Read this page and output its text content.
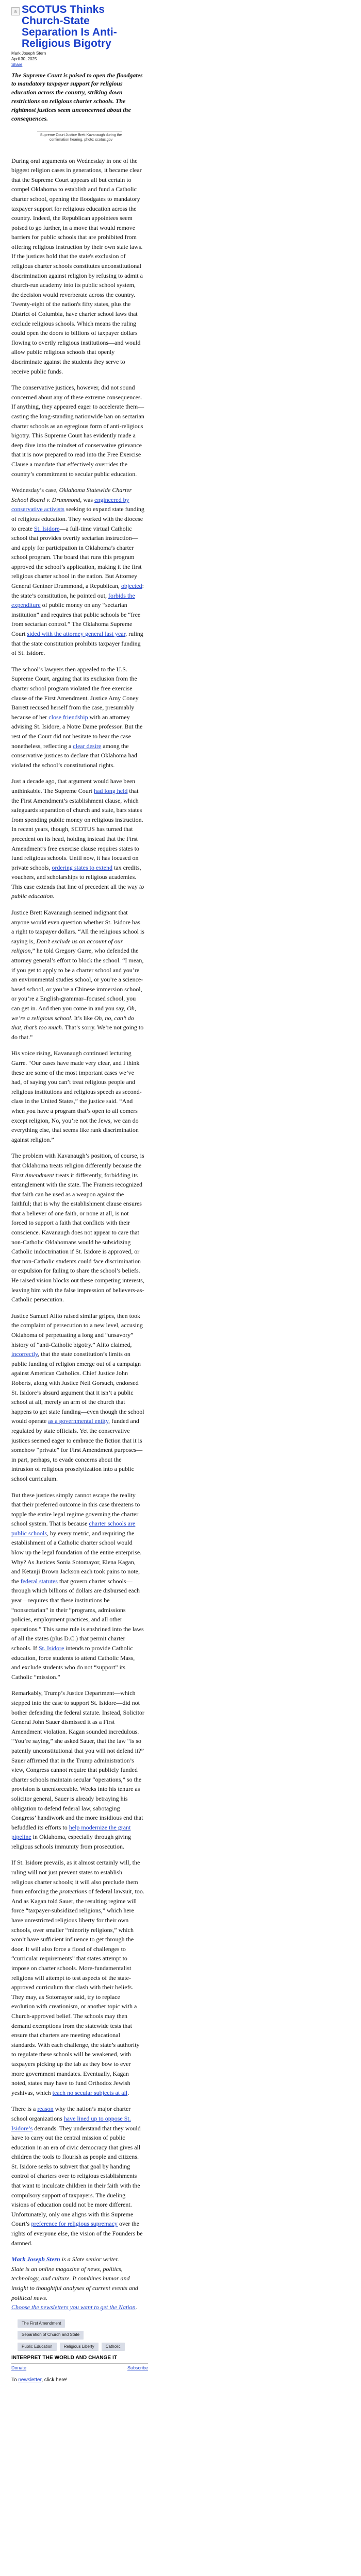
a SCOTUS Thinks Church-State Separation Is Anti-Religious Bigotry
Mark Joseph Stern
April 30, 2025
Share

The Supreme Court is poised to open the floodgates to mandatory taxpayer support for religious education across the country, striking down restrictions on religious charter schools. The rightmost justices seem unconcerned about the consequences.

Supreme Court Justice Brett Kavanaugh during the confirmation hearing, photo: scotus.gov

During oral arguments on Wednesday in one of the biggest religion cases in generations, it became clear that the Supreme Court appears all but certain to compel Oklahoma to establish and fund a Catholic charter school, opening the floodgates to mandatory taxpayer support for religious education across the country. Indeed, the Republican appointees seem poised to go further, in a move that would remove barriers for public schools that are prohibited from offering religious instruction by their own state laws. If the justices hold that the state's exclusion of religious charter schools constitutes unconstitutional discrimination against religion by refusing to admit a church-run academy into its public school system, the decision would reverberate across the country. Twenty-eight of the nation's fifty states, plus the District of Columbia, have charter school laws that exclude religious schools. Which means the ruling could open the doors to billions of taxpayer dollars flowing to overtly religious institutions—and would allow public religious schools that openly discriminate against the students they serve to receive public funds.

The conservative justices, however, did not sound concerned about any of these extreme consequences. If anything, they appeared eager to accelerate them—casting the long-standing nationwide ban on sectarian charter schools as an egregious form of anti-religious bigotry. This Supreme Court has evidently made a deep dive into the mindset of conservative grievance that it is now prepared to read into the Free Exercise Clause a mandate that effectively overrides the country’s commitment to secular public education.

Wednesday’s case, Oklahoma Statewide Charter School Board v. Drummond, was engineered by conservative activists seeking to expand state funding of religious education. They worked with the diocese to create St. Isidore—a full-time virtual Catholic school that provides overtly sectarian instruction—and apply for participation in Oklahoma’s charter school program. The board that runs this program approved the school’s application, making it the first religious charter school in the nation. But Attorney General Gentner Drummond, a Republican, objected: the state’s constitution, he pointed out, forbids the expenditure of public money on any “sectarian institution” and requires that public schools be “free from sectarian control.” The Oklahoma Supreme Court sided with the attorney general last year, ruling that the state constitution prohibits taxpayer funding of St. Isidore.

The school’s lawyers then appealed to the U.S. Supreme Court, arguing that its exclusion from the charter school program violated the free exercise clause of the First Amendment. Justice Amy Coney Barrett recused herself from the case, presumably because of her close friendship with an attorney advising St. Isidore, a Notre Dame professor. But the rest of the Court did not hesitate to hear the case nonetheless, reflecting a clear desire among the conservative justices to declare that Oklahoma had violated the school’s constitutional rights.

Just a decade ago, that argument would have been unthinkable. The Supreme Court had long held that the First Amendment’s establishment clause, which safeguards separation of church and state, bars states from spending public money on religious instruction. In recent years, though, SCOTUS has turned that precedent on its head, holding instead that the First Amendment’s free exercise clause requires states to fund religious schools. Until now, it has focused on private schools, ordering states to extend tax credits, vouchers, and scholarships to religious academies. This case extends that line of precedent all the way to public education.

Justice Brett Kavanaugh seemed indignant that anyone would even question whether St. Isidore has a right to taxpayer dollars. “All the religious school is saying is, Don’t exclude us on account of our religion,” he told Gregory Garre, who defended the attorney general’s effort to block the school. “I mean, if you get to apply to be a charter school and you’re an environmental studies school, or you’re a science-based school, or you’re a Chinese immersion school, or you’re a English-grammar–focused school, you can get in. And then you come in and you say, Oh, we’re a religious school. It’s like Oh, no, can’t do that, that’s too much. That’s sorry. We’re not going to do that.”

His voice rising, Kavanaugh continued lecturing Garre. “Our cases have made very clear, and I think these are some of the most important cases we’ve had, of saying you can’t treat religious people and religious institutions and religious speech as second-class in the United States,” the justice said. “And when you have a program that’s open to all comers except religion, No, you’re not the Jews, we can do everything else, that seems like rank discrimination against religion.”

The problem with Kavanaugh’s position, of course, is that Oklahoma treats religion differently because the First Amendment treats it differently, forbidding its entanglement with the state. The Framers recognized that faith can be used as a weapon against the faithful; that is why the establishment clause ensures that a believer of one faith, or none at all, is not forced to support a faith that conflicts with their conscience. Kavanaugh does not appear to care that non-Catholic Oklahomans would be subsidizing Catholic indoctrination if St. Isidore is approved, or that non-Catholic students could face discrimination or expulsion for failing to share the school’s beliefs. He raised vision blocks out these competing interests, leaving him with the false impression of believers-as-Catholic persecution.

Justice Samuel Alito raised similar gripes, then took the complaint of persecution to a new level, accusing Oklahoma of perpetuating a long and “unsavory” history of “anti-Catholic bigotry.” Alito claimed, incorrectly, that the state constitution’s limits on public funding of religion emerge out of a campaign against American Catholics. Chief Justice John Roberts, along with Justice Neil Gorsuch, endorsed St. Isidore’s absurd argument that it isn’t a public school at all, merely an arm of the church that happens to get state funding—even though the school would operate as a governmental entity, funded and regulated by state officials. Yet the conservative justices seemed eager to embrace the fiction that it is somehow “private” for First Amendment purposes—in part, perhaps, to evade concerns about the intrusion of religious proselytization into a public school curriculum.

But these justices simply cannot escape the reality that their preferred outcome in this case threatens to topple the entire legal regime governing the charter school system. That is because charter schools are public schools, by every metric, and requiring the establishment of a Catholic charter school would blow up the legal foundation of the entire enterprise. Why? As Justices Sonia Sotomayor, Elena Kagan, and Ketanji Brown Jackson each took pains to note, the federal statutes that govern charter schools—through which billions of dollars are disbursed each year—requires that these institutions be “nonsectarian” in their “programs, admissions policies, employment practices, and all other operations.” This same rule is enshrined into the laws of all the states (plus D.C.) that permit charter schools. If St. Isidore intends to provide Catholic education, force students to attend Catholic Mass, and exclude students who do not “support” its Catholic “mission.”

Remarkably, Trump’s Justice Department—which stepped into the case to support St. Isidore—did not bother defending the federal statute. Instead, Solicitor General John Sauer dismissed it as a First Amendment violation. Kagan sounded incredulous. “You’re saying,” she asked Sauer, that the law “is so patently unconstitutional that you will not defend it?” Sauer affirmed that in the Trump administration’s view, Congress cannot require that publicly funded charter schools maintain secular “operations,” so the provision is unenforceable. Weeks into his tenure as solicitor general, Sauer is already betraying his obligation to defend federal law, sabotaging Congress’ handiwork and the more insidious end that befuddled its efforts to help modernize the grant pipeline in Oklahoma, especially through giving religious schools immunity from prosecution.

If St. Isidore prevails, as it almost certainly will, the ruling will not just prevent states to establish religious charter schools; it will also preclude them from enforcing the protections of federal lawsuit, too. And as Kagan told Sauer, the resulting regime will force “taxpayer-subsidized religions,” which here have unrestricted religious liberty for their own schools, over smaller “minority religions,” which won’t have sufficient influence to get through the door. It will also force a flood of challenges to “curricular requirements” that states attempt to impose on charter schools. More-fundamentalist religions will attempt to test aspects of the state-approved curriculum that clash with their beliefs. They may, as Sotomayor said, try to replace evolution with creationism, or another topic with a Church-approved belief. The schools may then demand exemptions from the statewide tests that ensure that charters are meeting educational standards. With each challenge, the state’s authority to regulate these schools will be weakened, with taxpayers picking up the tab as they bow to ever more government mandates. Eventually, Kagan noted, states may have to fund Orthodox Jewish yeshivas, which teach no secular subjects at all.

There is a reason why the nation’s major charter school organizations have lined up to oppose St. Isidore’s demands. They understand that they would have to carry out the central mission of public education in an era of civic democracy that gives all children the tools to flourish as people and citizens. St. Isidore seeks to subvert that goal by handing control of charters over to religious establishments that want to inculcate children in their faith with the compulsory support of taxpayers. The dueling visions of education could not be more different. Unfortunately, only one aligns with this Supreme Court’s preference for religious supremacy over the rights of everyone else, the vision of the Founders be damned.

Mark Joseph Stern is a Slate senior writer.
Slate is an online magazine of news, politics, technology, and culture. It combines humor and insight to thoughtful analyses of current events and political news.
Choose the newsletters you want to get the Nation.
The First Amendment
Separation of Church and State
Public Education	Religious Liberty	Catholic
INTERPRET THE WORLD AND CHANGE IT
Donate	Subscribe
To newsletter, click here!
